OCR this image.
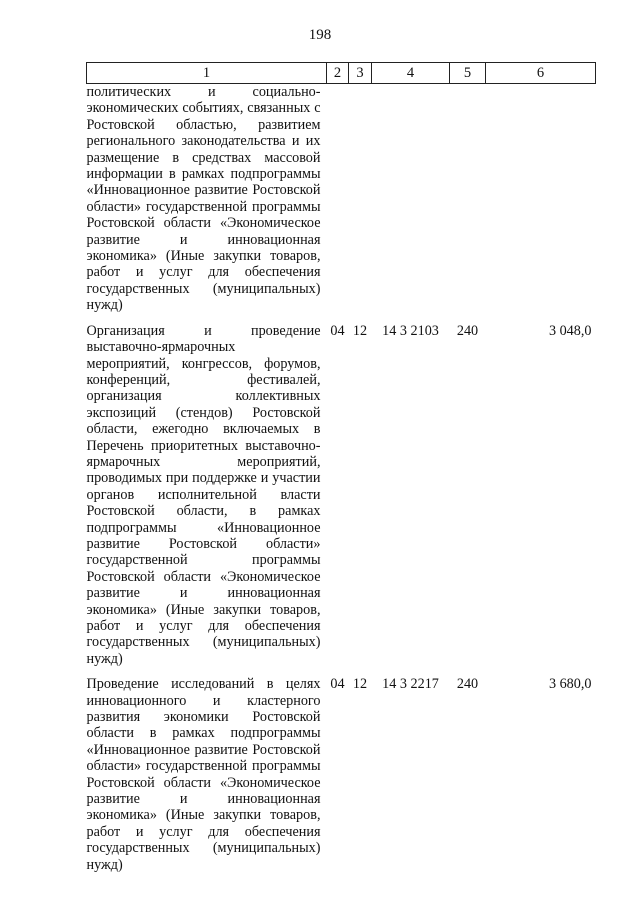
198
1	2	3	4	5	6
политических и социально-экономических событиях, связанных с Ростовской областью, развитием регионального законодательства и их размещение в средствах массовой информации в рамках подпрограммы «Инновационное развитие Ростовской области» государственной программы Ростовской области «Экономическое развитие и инновационная экономика» (Иные закупки товаров, работ и услуг для обеспечения государственных (муниципальных) нужд)					

Организация и проведение выставочно-ярмарочных мероприятий, конгрессов, форумов, конференций, фестивалей, организация коллективных экспозиций (стендов) Ростовской области, ежегодно включаемых в Перечень приоритетных выставочно-ярмарочных мероприятий, проводимых при поддержке и участии органов исполнительной власти Ростовской области, в рамках подпрограммы «Инновационное развитие Ростовской области» государственной программы Ростовской области «Экономическое развитие и инновационная экономика» (Иные закупки товаров, работ и услуг для обеспечения государственных (муниципальных) нужд)	04	12	14 3 2103	240	3 048,0

Проведение исследований в целях инновационного и кластерного развития экономики Ростовской области в рамках подпрограммы «Инновационное развитие Ростовской области» государственной программы Ростовской области «Экономическое развитие и инновационная экономика» (Иные закупки товаров, работ и услуг для обеспечения государственных (муниципальных) нужд)	04	12	14 3 2217	240	3 680,0
